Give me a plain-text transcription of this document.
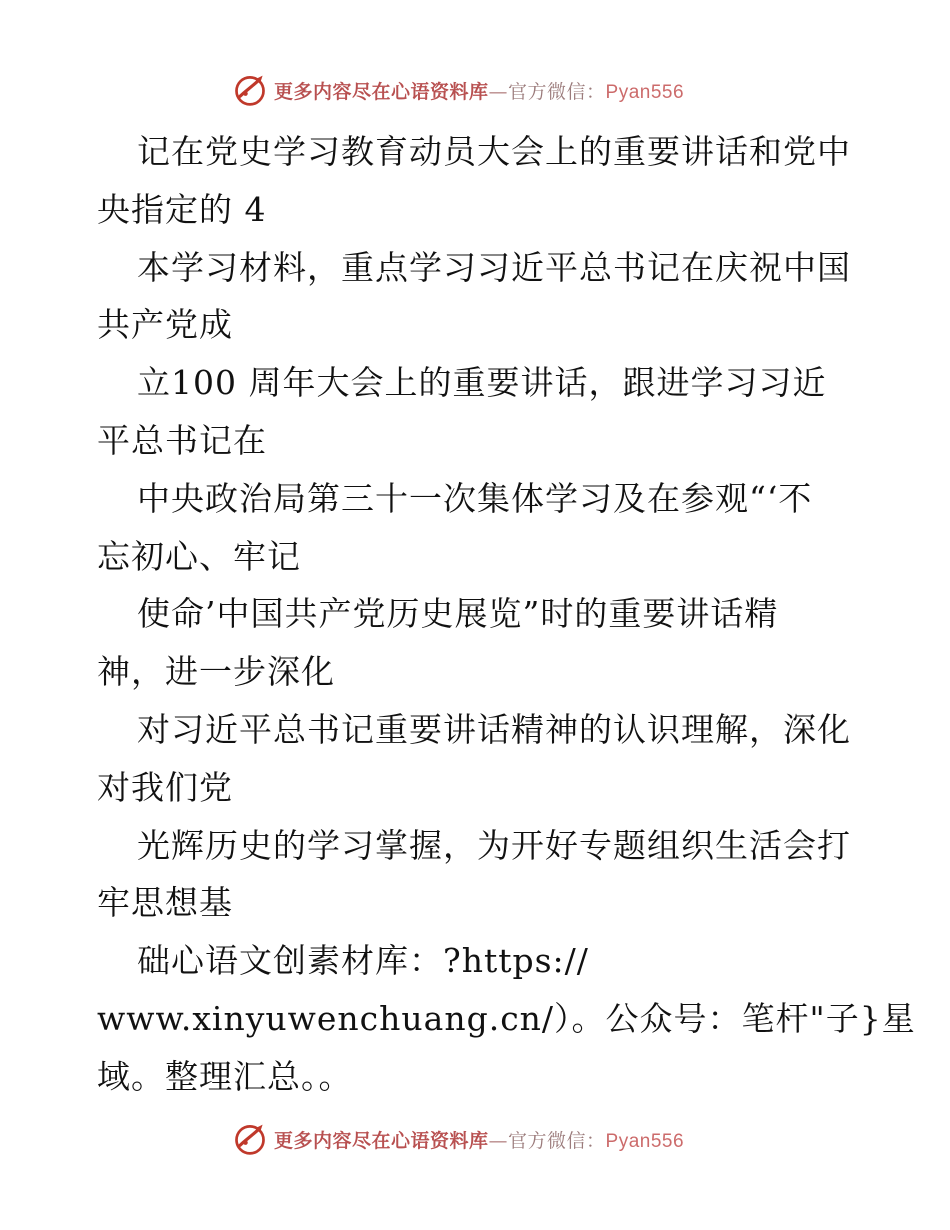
更多内容尽在心语资料库—官方微信：Pyan556
记在党史学习教育动员大会上的重要讲话和党中
央指定的 4
本学习材料，重点学习习近平总书记在庆祝中国
共产党成
立100 周年大会上的重要讲话，跟进学习习近
平总书记在
中央政治局第三十一次集体学习及在参观“‘不
忘初心、牢记
使命’中国共产党历史展览”时的重要讲话精
神，进一步深化
对习近平总书记重要讲话精神的认识理解，深化
对我们党
光辉历史的学习掌握，为开好专题组织生活会打
牢思想基
础心语文创素材库：?https://
www.xinyuwenchuang.cn/）。公众号：笔杆"子}星
域。整理汇总。。
更多内容尽在心语资料库—官方微信：Pyan556
